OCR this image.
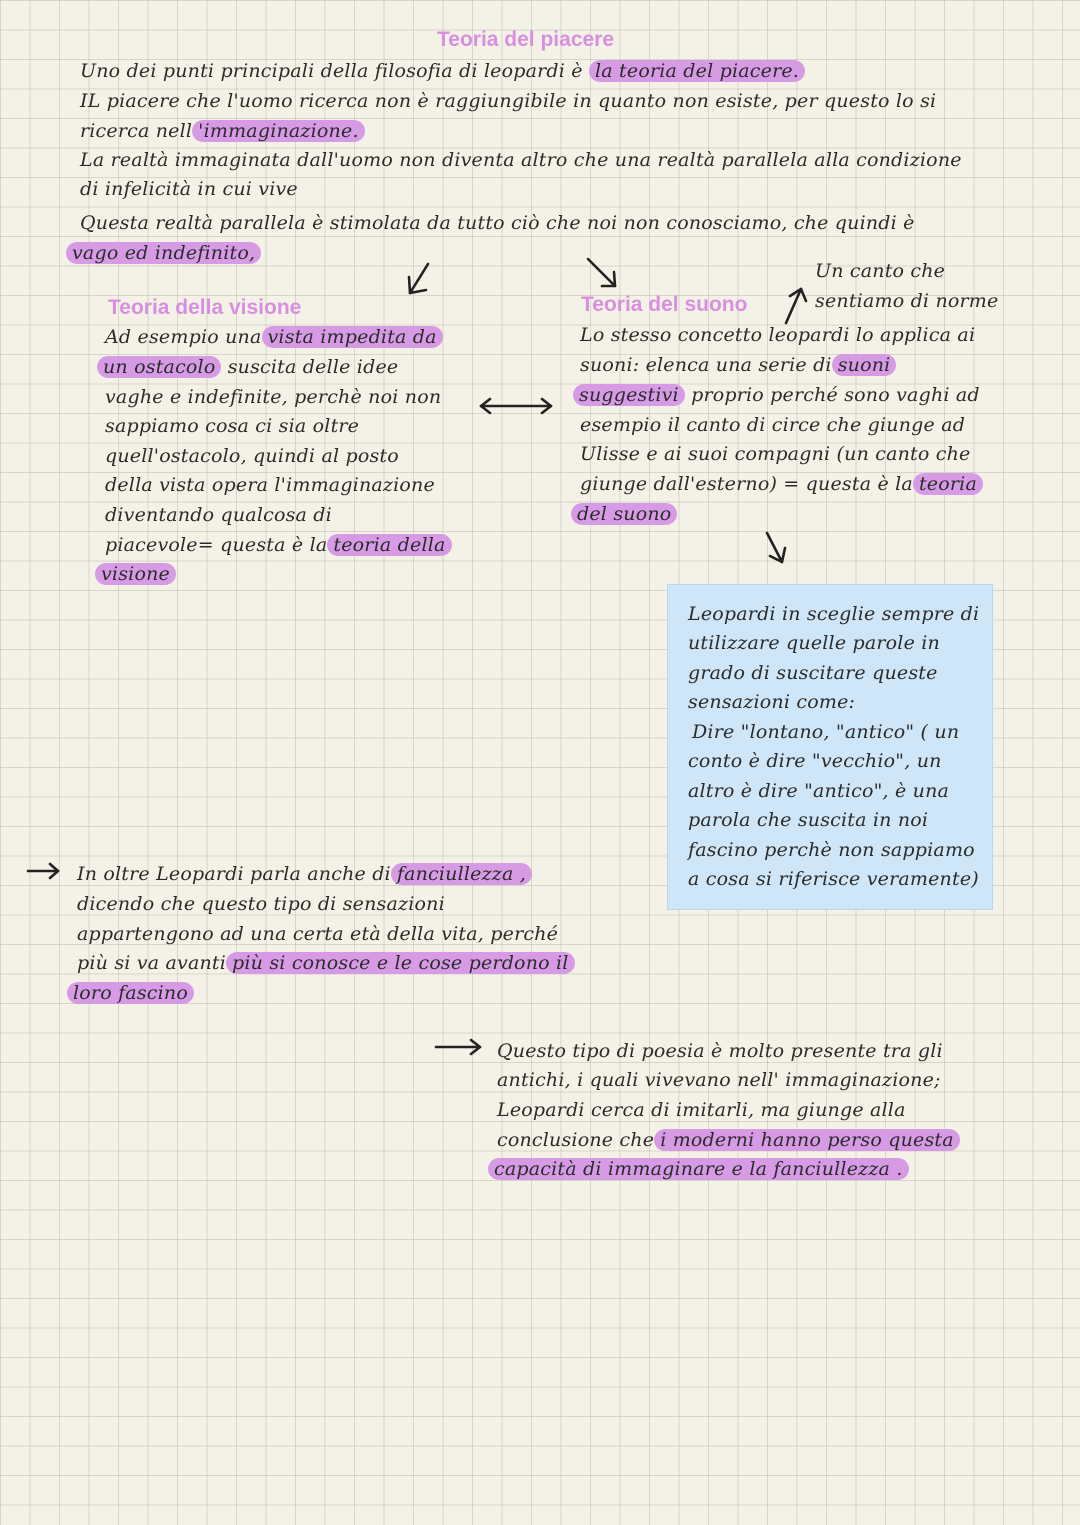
Teoria del piacere
Uno dei punti principali della filosofia di leopardi è la teoria del piacere.
IL piacere che l'uomo ricerca non è raggiungibile in quanto non esiste, per questo lo si
ricerca nell 'immaginazione.
La realtà immaginata dall'uomo non diventa altro che una realtà parallela alla condizione
di infelicità in cui vive
Questa realtà parallela è stimolata da tutto ciò che noi non conosciamo, che quindi è
vago ed indefinito,
Un canto che
sentiamo di norme
Teoria della visione	Teoria del suono
Ad esempio una vista impedita da
un ostacolo suscita delle idee
vaghe e indefinite, perchè noi non
sappiamo cosa ci sia oltre
quell'ostacolo, quindi al posto
della vista opera l'immaginazione
diventando qualcosa di
piacevole= questa è la teoria della
visione
Lo stesso concetto leopardi lo applica ai
suoni: elenca una serie di suoni
suggestivi proprio perché sono vaghi ad
esempio il canto di circe che giunge ad
Ulisse e ai suoi compagni (un canto che
giunge dall'esterno) = questa è la teoria
del suono
Leopardi in sceglie sempre di
utilizzare quelle parole in
grado di suscitare queste
sensazioni come:
Dire "lontano, "antico" ( un
conto è dire "vecchio", un
altro è dire "antico", è una
parola che suscita in noi
fascino perchè non sappiamo
a cosa si riferisce veramente)
In oltre Leopardi parla anche di fanciullezza ,
dicendo che questo tipo di sensazioni
appartengono ad una certa età della vita, perché
più si va avanti più si conosce e le cose perdono il
loro fascino
Questo tipo di poesia è molto presente tra gli
antichi, i quali vivevano nell' immaginazione;
Leopardi cerca di imitarli, ma giunge alla
conclusione che i moderni hanno perso questa
capacità di immaginare e la fanciullezza .
